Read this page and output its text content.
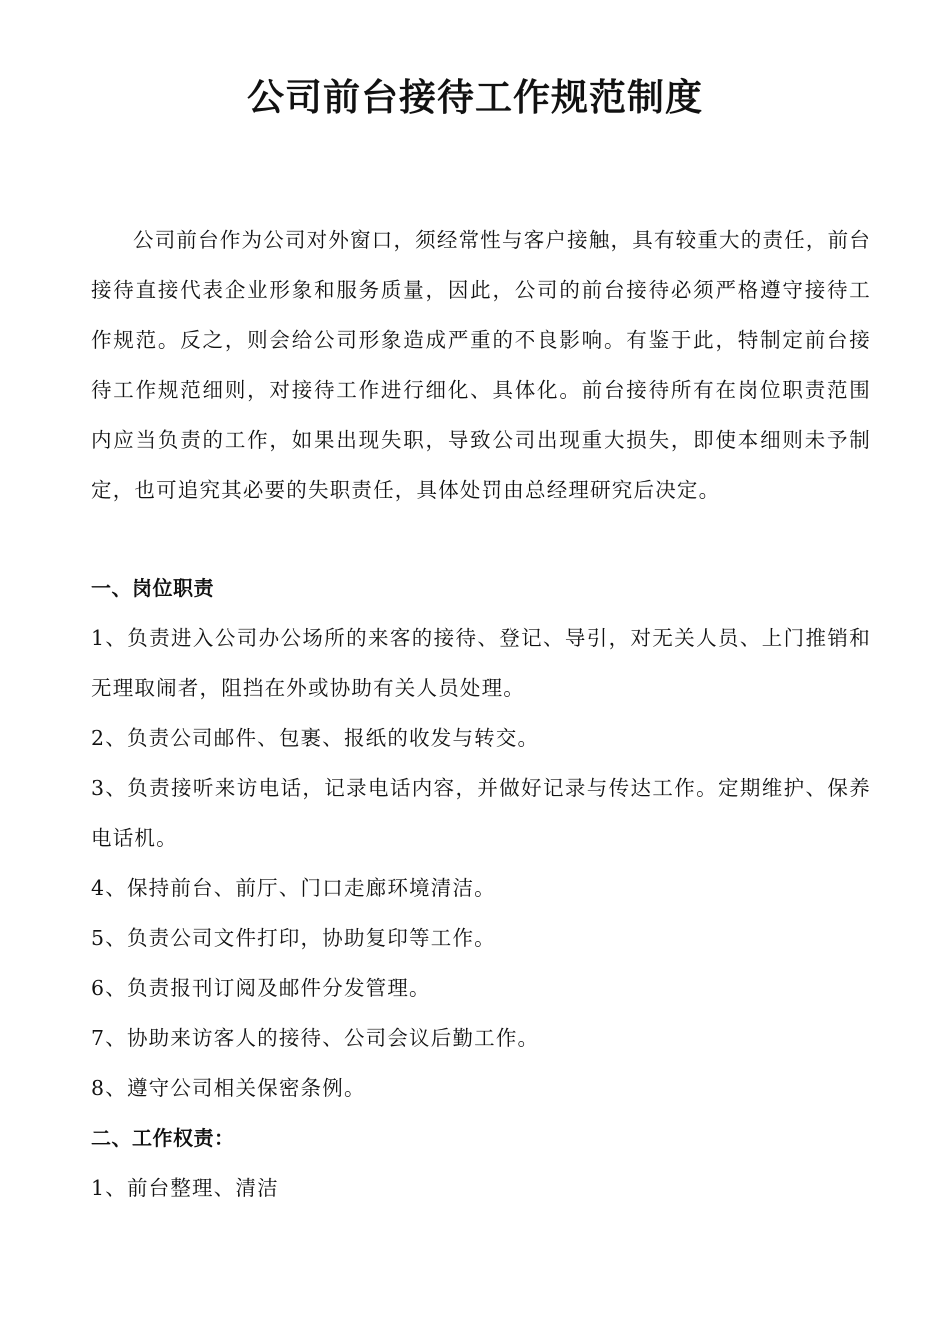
公司前台接待工作规范制度

公司前台作为公司对外窗口，须经常性与客户接触，具有较重大的责任，前台接待直接代表企业形象和服务质量，因此，公司的前台接待必须严格遵守接待工作规范。反之，则会给公司形象造成严重的不良影响。有鉴于此，特制定前台接待工作规范细则，对接待工作进行细化、具体化。前台接待所有在岗位职责范围内应当负责的工作，如果出现失职，导致公司出现重大损失，即使本细则未予制定，也可追究其必要的失职责任，具体处罚由总经理研究后决定。

一、岗位职责
1、负责进入公司办公场所的来客的接待、登记、导引，对无关人员、上门推销和无理取闹者，阻挡在外或协助有关人员处理。
2、负责公司邮件、包裹、报纸的收发与转交。
3、负责接听来访电话，记录电话内容，并做好记录与传达工作。定期维护、保养电话机。
4、保持前台、前厅、门口走廊环境清洁。
5、负责公司文件打印，协助复印等工作。
6、负责报刊订阅及邮件分发管理。
7、协助来访客人的接待、公司会议后勤工作。
8、遵守公司相关保密条例。
二、工作权责：
1、前台整理、清洁
